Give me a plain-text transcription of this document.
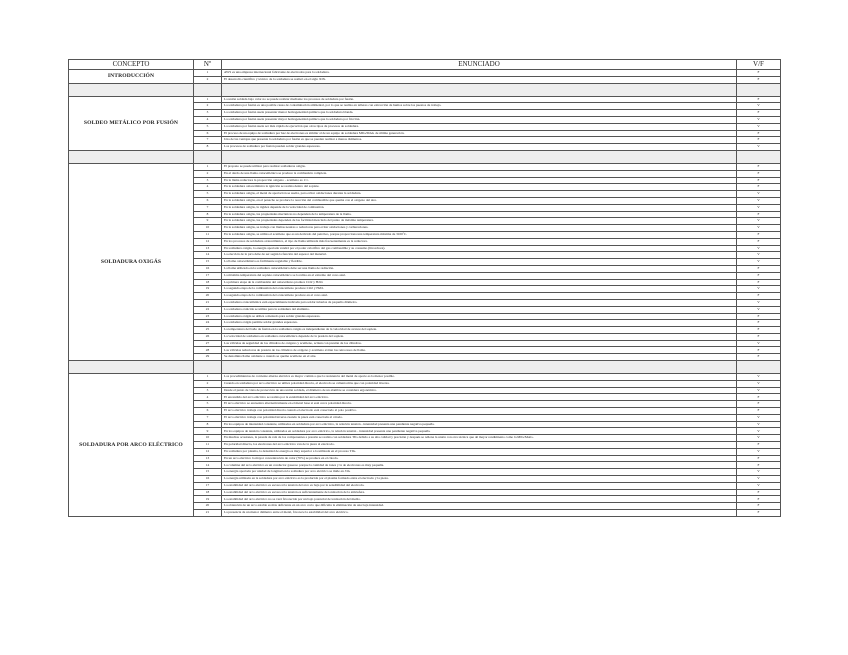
CONCEPTO	Nº	ENUNCIADO	V/F
INTRODUCCIÓN	1	AWS es una empresa internacional fabricante de electrodos para la soldadura.	F
	2	El desarrollo científico y técnico de la soldadura se realizó en el siglo XIX.	F

SOLDEO METÁLICO POR FUSIÓN	1	La unión soldada bajo calor no se puede realizar mediante los procesos de soldadura por fusión.	F
	2	La soldadura por fusión es una posible causa de contaminación ambiental, por lo que se realiza en talleres con extracción de humos sobre los puestos de trabajo.	V
	3	La soldadura por fusión suele presentar menor homogeneidad química que la soldadura blanda.	F
	4	La soldadura por fusión suele presentar mayor homogeneidad química que la soldadura por fricción.	V
	5	La soldadura por fusión suele ser más rápida de ejecución que otros tipos de procesos de soldadura.	V
	6	El proceso de un equipo de soldadura por haz de electrones es similar al de un equipo de soldadura MIG/MAG de última generación.	F
	7	Una de las ventajas que presenta la soldadura por fusión es que se pueden realizar a menos diámetros.	F
	8	Los procesos de soldadura por fusión pueden soldar grandes espesores.	V

SOLDADURA OXIGÁS	1	El propano se puede utilizar para realizar soldaduras oxigás.	F
	2	En el dardo de una llama oxiacetilénica se produce la combustión completa.	F
	3	En la llama reductora la proporción oxígeno - acetileno es 1:1.	F
	4	En la soldadura oxiacetilénica la ignición se realiza dentro del soplete.	F
	5	En la soldadura oxigás, el metal de aportación se suelta, para evitar oxidaciones durante la soldadura.	V
	6	En la soldadura oxigás, en el penacho se produce la reacción del combustible que quema con el oxígeno del aire.	V
	7	En la soldadura oxigás, la rigidez depende de la velocidad de combustión.	V
	8	En la soldadura oxigás, las propiedades mecánicas no dependen de la temperatura de la llama.	F
	9	En la soldadura oxigás, las propiedades dependen de las facilidad mezclado del punto de máxima temperatura.	V
	10	En la soldadura oxigás, se trabaja con llamas neutras o reductoras para evitar oxidaciones y carburaciones.	V
	11	En la soldadura oxigás, se utiliza el acetileno que es un derivado del petróleo, porque proporciona una temperatura máxima de 3100ºC.	F
	12	En los procesos de soldadura oxiacetilénica, el tipo de llama utilizada más frecuentemente es la reductora.	F
	13	En soldadura oxigás, la energía aportada vendrá por el poder calorífico del gas combustible y su consumo (litros/hora).	V
	14	La elección de la pica debe de ser según la función del espesor del material.	V
	15	La llama oxiacetilénica es fácilmente regulable y flexible.	V
	16	La llama utilizada en la soldadura oxiacetilénica debe ser una llama de radiación.	F
	17	La máxima temperatura del soplete oxiacetilénico se localiza en el extremo del cono azul.	F
	18	La primera etapa de la combustión del oxiacetileno produce CO2 y H2O.	F
	19	La segunda etapa de la combustión del oxiacetileno produce CO2 y H2O.	V
	20	La segunda etapa de la combustión del oxiacetileno produce en el cono azul.	F
	21	La soldadura oxiacetilénica está especialmente indicada para soldar tuberías de pequeño diámetro.	V
	22	La soldadura oxiácida se utiliza para la soldadura del aluminio.	V
	23	La soldadura oxigás se utiliza a menudo para soldar grandes espesores.	F
	24	La soldadura oxigás permite soldar grandes espesores.	F
	25	La temperatura del baño de fusión en la soldadura oxigás es independiente de la velocidad de avance del soplete.	F
	26	La velocidad de soldadura en soldadura oxiacetilénica depende de la presión del soplete.	F
	27	Las válvulas de seguridad de los cilindros de oxígeno y acetileno, actúan con presión de los cilindros.	V
	28	Las válvulas reductoras de presión de los cilindros de oxígeno y acetileno evitan los retrocesos de llama.	F
	29	Se denomina llama oxidante a cuando se quema acetileno en el aire.	F

SOLDADURA POR ARCO ELÉCTRICO	1	Los procedimientos de corriente alterna eléctrica es mayor común a que la resistencia del metal de aporte es la menor posible.	V
	2	Cuando en soldadura por arco eléctrico se utiliza polaridad directa, el electrodo se calienta más que con polaridad inversa.	V
	3	Desde el punto de vista de protección de una unión soldada, el diámetro de un alambre se considera ergonómico.	V
	4	El encendido del arco eléctrico se realiza por la estabilidad del arco eléctrico.	F
	5	El arco eléctrico se encuentra alternativamente en el metal base si está cerca polaridad directa.	F
	6	El arco eléctrico trabaja con polaridad directa cuando el electrodo está conectado al polo positivo.	F
	7	El arco eléctrico trabaja con polaridad inversa cuando la pieza está conectada al cátodo.	V
	8	En los equipos de intensidad constante, utilizados en soldadura por arco eléctrico, la relación tensión - intensidad presenta una pendiente negativa pequeña.	V
	9	En los equipos de tensión constante, utilizados en soldadura por arco eléctrico, la relación tensión - intensidad presenta una pendiente negativa pequeña.	V
	10	En muchas ocasiones, la pasada de raíz de los componentes a presión se realiza con soldadura TIG debido a su alta calidad y precisión y después se rellena la unión con otra técnica que dé mayor rendimiento como la MIG/MAG.	V
	11	En polaridad directa, los electrones del arco eléctrico van de la pieza al electrodo.	F
	12	En soldadura por plasma, la densidad de energía es muy superior a la utilizada en el proceso TIG.	V
	13	En un arco eléctrico la mayor concentración de calor (70%) se produce en el cátodo.	F
	14	La columna del arco eléctrico es un conductor gaseoso porque la cantidad de iones y la de electrones es muy pequeña.	F
	15	La energía aportada por unidad de longitud en la soldadura por arco eléctrico se mide en J/m.	V
	16	La energía utilizada en la soldadura por arco eléctrico es la producida por el plasma formado entre el electrodo y la pieza.	V
	17	La estabilidad del arco eléctrico es escasa si la tensión del arco es baja por la sensibilidad del electrodo.	V
	18	La estabilidad del arco eléctrico es escasa si la tensión es suficientemente de ionización de la atmósfera.	F
	19	La estabilidad del arco eléctrico no se verá favorecida por un bajo potencial de ionización del medio.	F
	20	La obtención de un arco estable es más deficiente en un arco corto que dificulta la eliminación de una baja intensidad.	F
	21	La presencia de un menor diámetro entre el metal, favorece la estabilidad del arco eléctrico.	F
